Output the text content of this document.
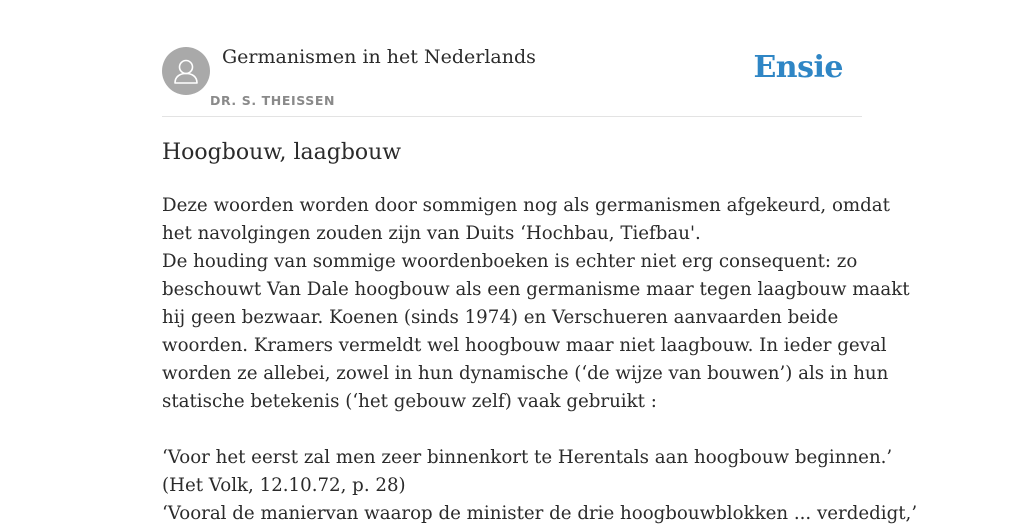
Germanismen in het Nederlands
DR. S. THEISSEN
Ensie
Hoogbouw, laagbouw
Deze woorden worden door sommigen nog als germanismen afgekeurd, omdat
het navolgingen zouden zijn van Duits ‘Hochbau, Tiefbau'.
De houding van sommige woordenboeken is echter niet erg consequent: zo
beschouwt Van Dale hoogbouw als een germanisme maar tegen laagbouw maakt
hij geen bezwaar. Koenen (sinds 1974) en Verschueren aanvaarden beide
woorden. Kramers vermeldt wel hoogbouw maar niet laagbouw. In ieder geval
worden ze allebei, zowel in hun dynamische (‘de wijze van bouwen’) als in hun
statische betekenis (‘het gebouw zelf) vaak gebruikt :
‘Voor het eerst zal men zeer binnenkort te Herentals aan hoogbouw beginnen.’
(Het Volk, 12.10.72, p. 28)
‘Vooral de maniervan waarop de minister de drie hoogbouwblokken ... verdedigt,’
